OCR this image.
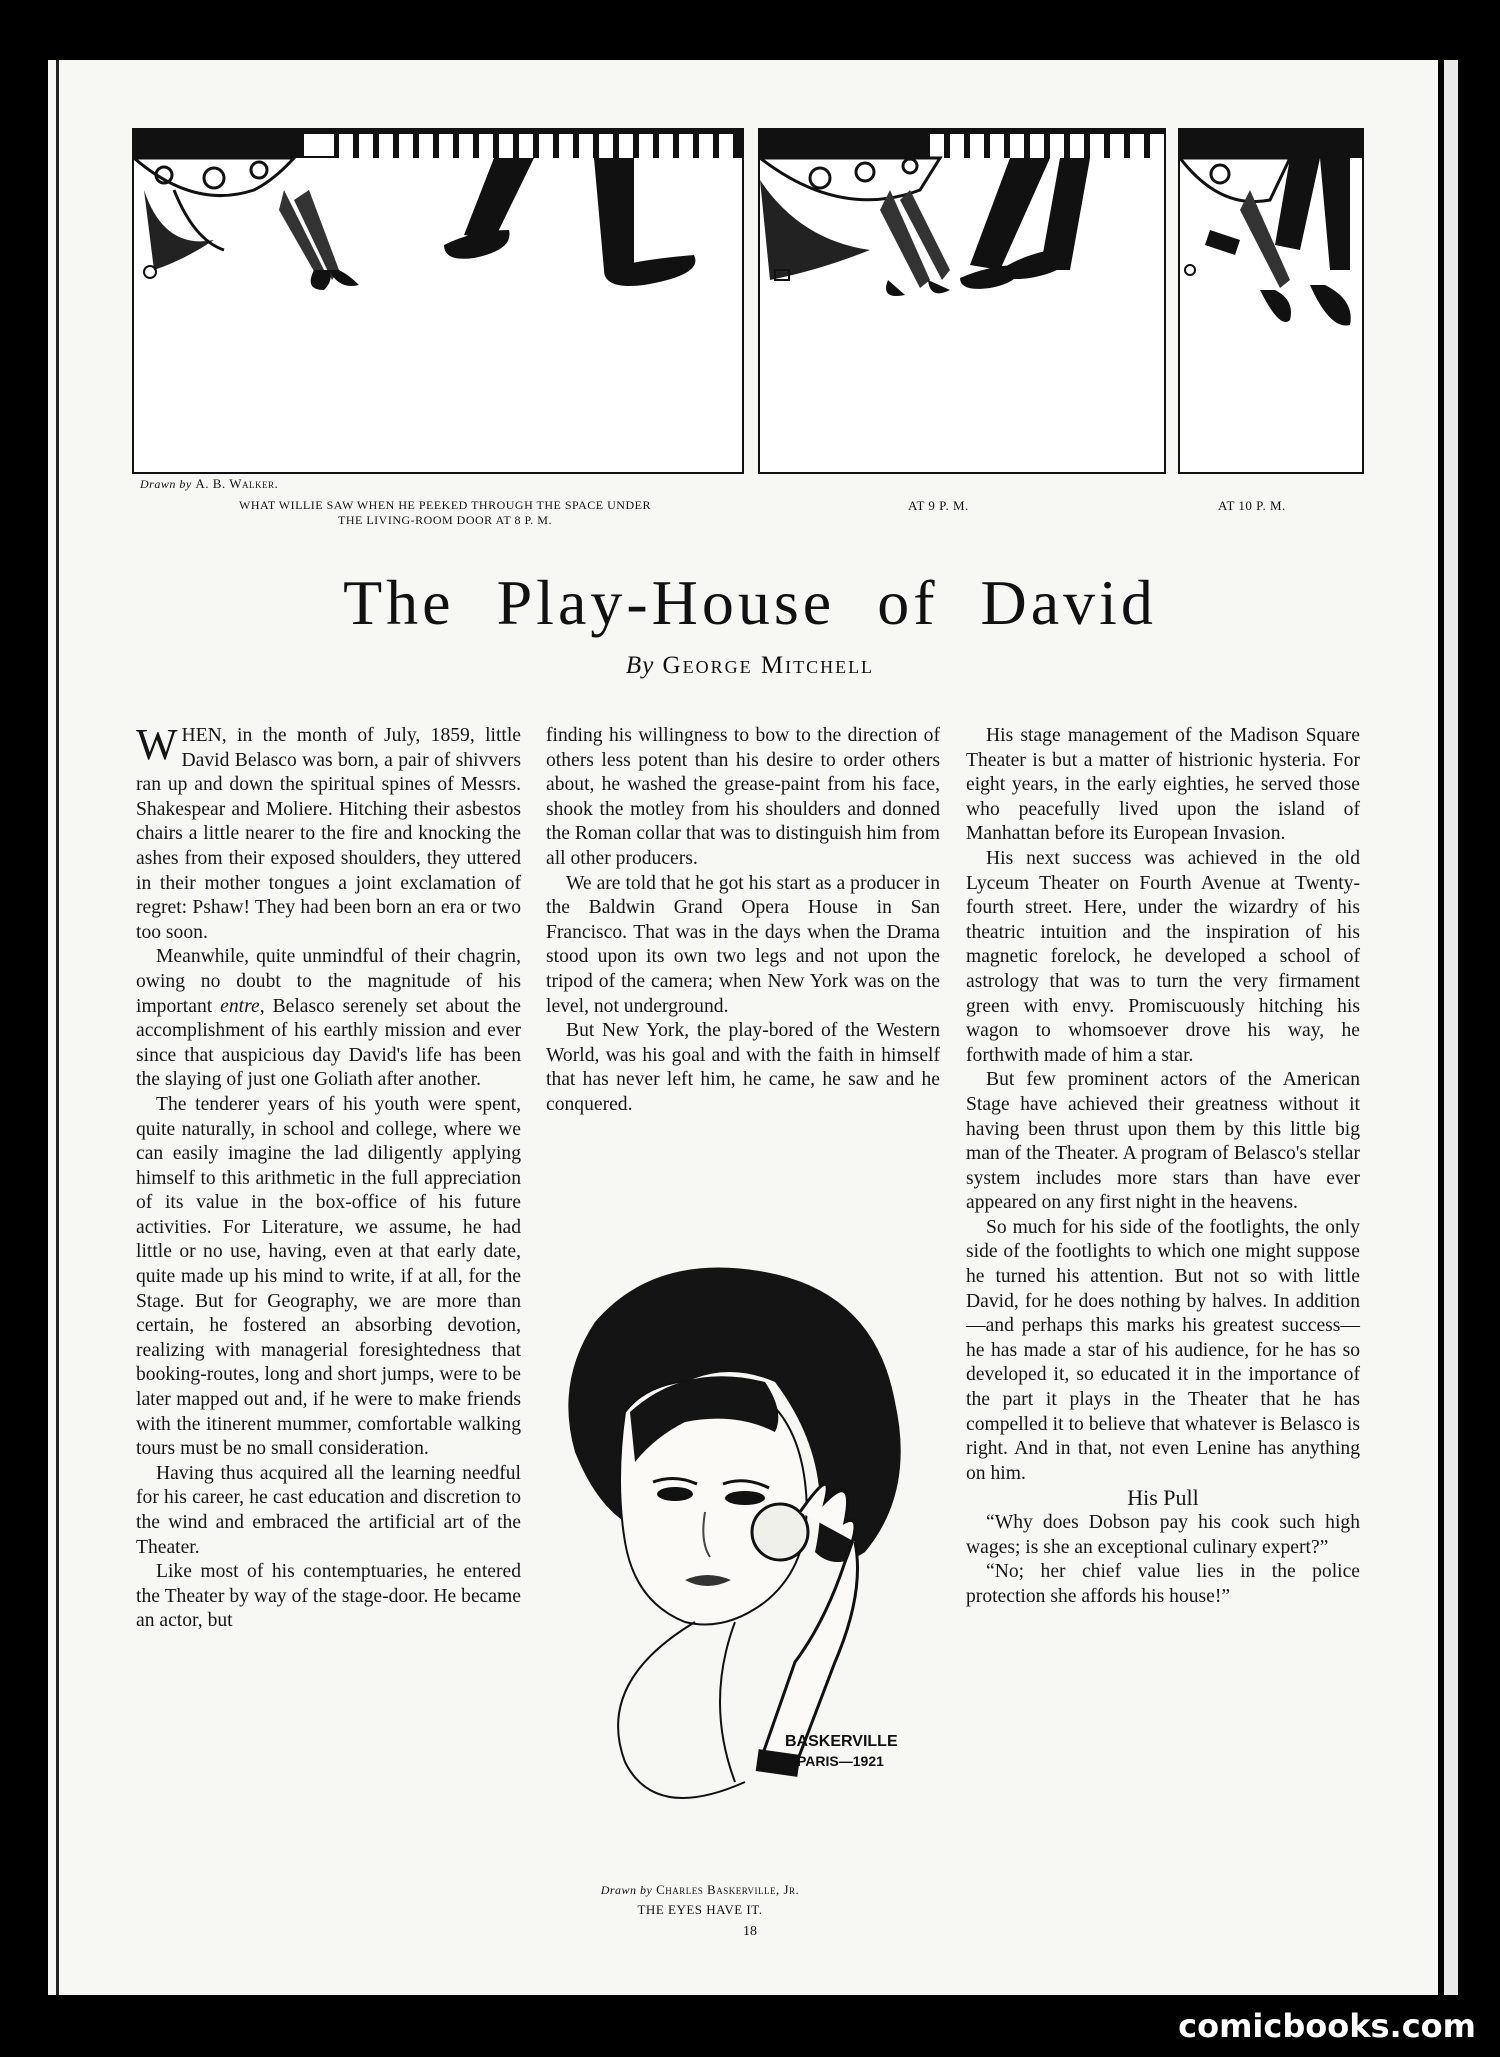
Drawn by A. B. Walker.
WHAT WILLIE SAW WHEN HE PEEKED THROUGH THE SPACE UNDER
THE LIVING-ROOM DOOR AT 8 P. M.
AT 9 P. M.	AT 10 P. M.
The Play-House of David
By George Mitchell

WHEN, in the month of July, 1859, little David Belasco was born, a pair of shivvers ran up and down the spiritual spines of Messrs. Shakespear and Moliere. Hitching their asbestos chairs a little nearer to the fire and knocking the ashes from their exposed shoulders, they uttered in their mother tongues a joint exclamation of regret: Pshaw! They had been born an era or two too soon.

Meanwhile, quite unmindful of their chagrin, owing no doubt to the magnitude of his important entre, Belasco serenely set about the accomplishment of his earthly mission and ever since that auspicious day David's life has been the slaying of just one Goliath after another.

The tenderer years of his youth were spent, quite naturally, in school and college, where we can easily imagine the lad diligently applying himself to this arithmetic in the full appreciation of its value in the box-office of his future activities. For Literature, we assume, he had little or no use, having, even at that early date, quite made up his mind to write, if at all, for the Stage. But for Geography, we are more than certain, he fostered an absorbing devotion, realizing with managerial foresightedness that booking-routes, long and short jumps, were to be later mapped out and, if he were to make friends with the itinerent mummer, comfortable walking tours must be no small consideration.

Having thus acquired all the learning needful for his career, he cast education and discretion to the wind and embraced the artificial art of the Theater.

Like most of his contemptuaries, he entered the Theater by way of the stage-door. He became an actor, but

finding his willingness to bow to the direction of others less potent than his desire to order others about, he washed the grease-paint from his face, shook the motley from his shoulders and donned the Roman collar that was to distinguish him from all other producers.

We are told that he got his start as a producer in the Baldwin Grand Opera House in San Francisco. That was in the days when the Drama stood upon its own two legs and not upon the tripod of the camera; when New York was on the level, not underground.

But New York, the play-bored of the Western World, was his goal and with the faith in himself that has never left him, he came, he saw and he conquered.

BASKERVILLE
PARIS—1921
Drawn by Charles Baskerville, Jr.
THE EYES HAVE IT.

His stage management of the Madison Square Theater is but a matter of histrionic hysteria. For eight years, in the early eighties, he served those who peacefully lived upon the island of Manhattan before its European Invasion.

His next success was achieved in the old Lyceum Theater on Fourth Avenue at Twenty-fourth street. Here, under the wizardry of his theatric intuition and the inspiration of his magnetic forelock, he developed a school of astrology that was to turn the very firmament green with envy. Promiscuously hitching his wagon to whomsoever drove his way, he forthwith made of him a star.

But few prominent actors of the American Stage have achieved their greatness without it having been thrust upon them by this little big man of the Theater. A program of Belasco's stellar system includes more stars than have ever appeared on any first night in the heavens.

So much for his side of the footlights, the only side of the footlights to which one might suppose he turned his attention. But not so with little David, for he does nothing by halves. In addition—and perhaps this marks his greatest success—he has made a star of his audience, for he has so developed it, so educated it in the importance of the part it plays in the Theater that he has compelled it to believe that whatever is Belasco is right. And in that, not even Lenine has anything on him.

His Pull

“Why does Dobson pay his cook such high wages; is she an exceptional culinary expert?”

“No; her chief value lies in the police protection she affords his house!”

18
comicbooks.com
